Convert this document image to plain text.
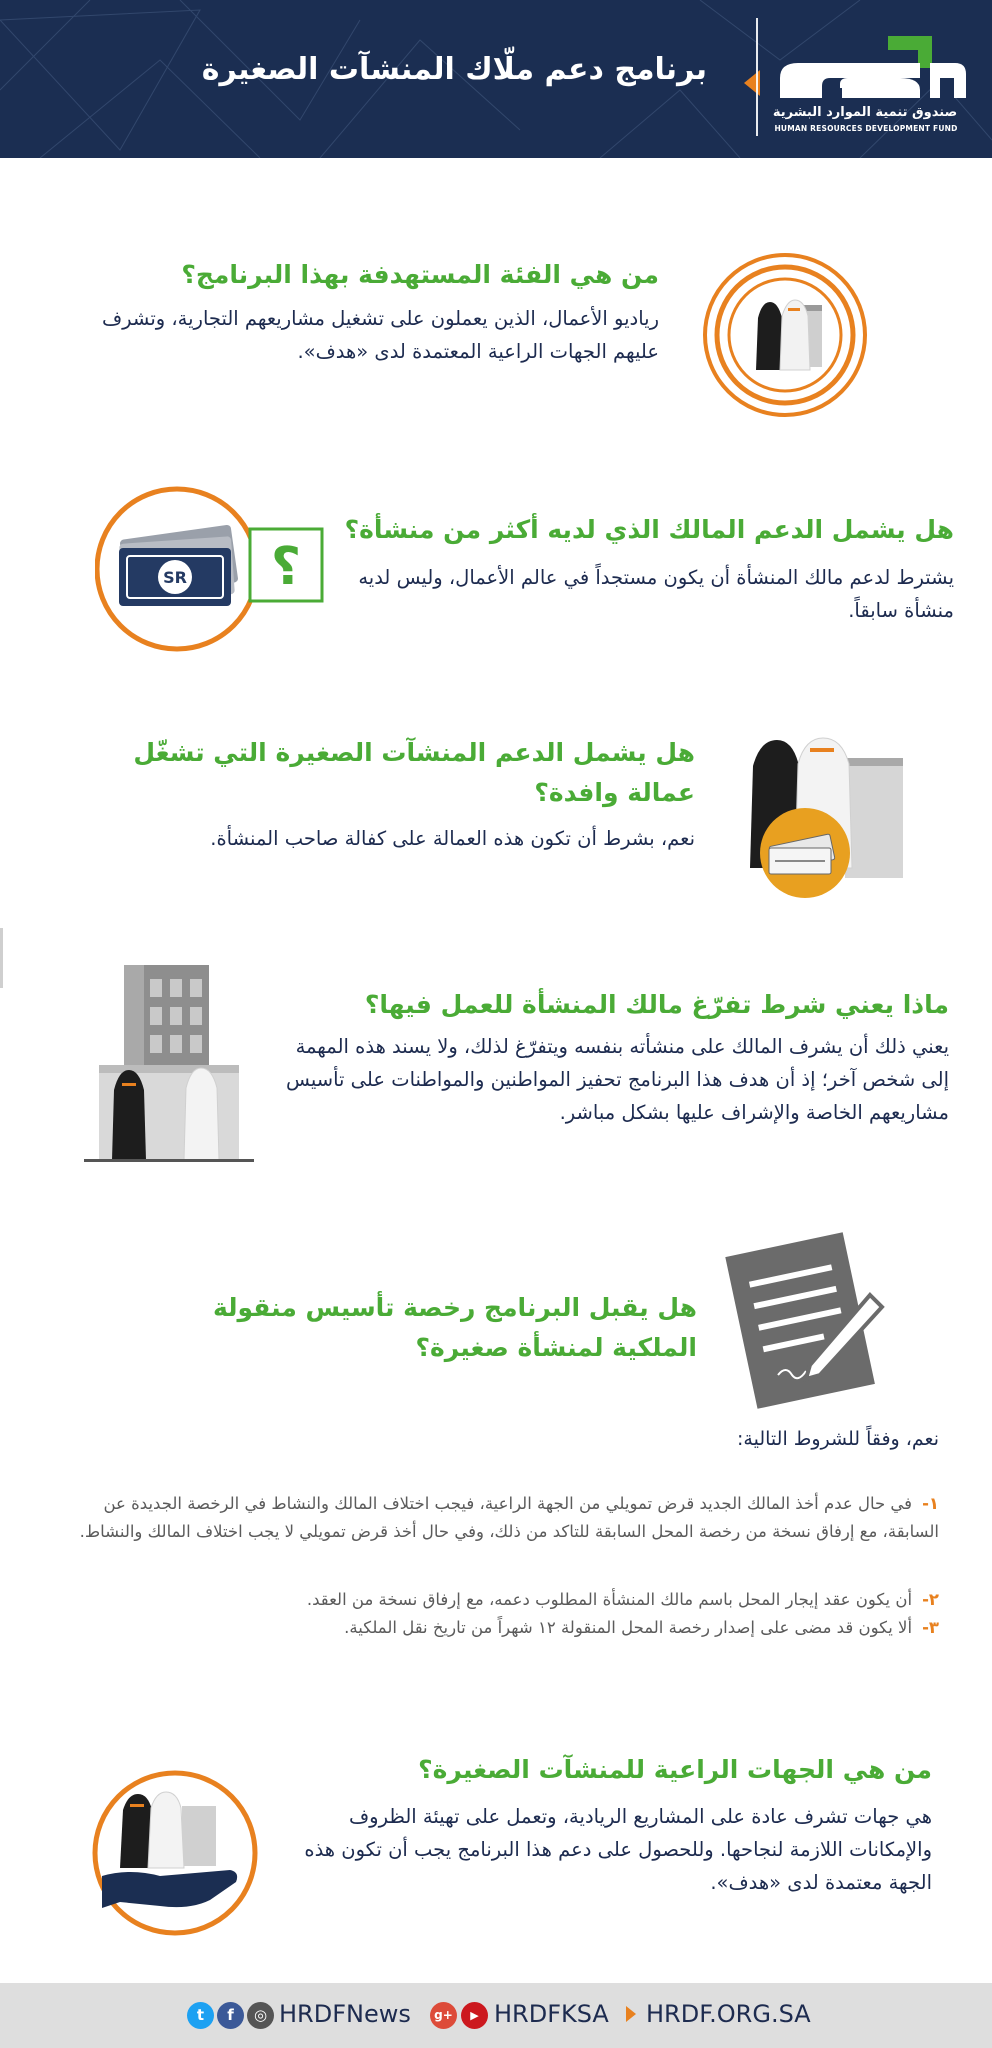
برنامج دعم ملّاك المنشآت الصغيرة
صندوق تنمية الموارد البشرية
HUMAN RESOURCES DEVELOPMENT FUND
من هي الفئة المستهدفة بهذا البرنامج؟
رياديو الأعمال، الذين يعملون على تشغيل مشاريعهم التجارية، وتشرف عليهم الجهات الراعية المعتمدة لدى «هدف».
هل يشمل الدعم المالك الذي لديه أكثر من منشأة؟
يشترط لدعم مالك المنشأة أن يكون مستجداً في عالم الأعمال، وليس لديه منشأة سابقاً.
SR ؟
هل يشمل الدعم المنشآت الصغيرة التي تشغّل عمالة وافدة؟
نعم، بشرط أن تكون هذه العمالة على كفالة صاحب المنشأة.
ماذا يعني شرط تفرّغ مالك المنشأة للعمل فيها؟
يعني ذلك أن يشرف المالك على منشأته بنفسه ويتفرّغ لذلك، ولا يسند هذه المهمة إلى شخص آخر؛ إذ أن هدف هذا البرنامج تحفيز المواطنين والمواطنات على تأسيس مشاريعهم الخاصة والإشراف عليها بشكل مباشر.
هل يقبل البرنامج رخصة تأسيس منقولة الملكية لمنشأة صغيرة؟
نعم، وفقاً للشروط التالية:
١-في حال عدم أخذ المالك الجديد قرض تمويلي من الجهة الراعية، فيجب اختلاف المالك والنشاط في الرخصة الجديدة عن السابقة، مع إرفاق نسخة من رخصة المحل السابقة للتاكد من ذلك، وفي حال أخذ قرض تمويلي لا يجب اختلاف المالك والنشاط.
٢-أن يكون عقد إيجار المحل باسم مالك المنشأة المطلوب دعمه، مع إرفاق نسخة من العقد.
٣-ألا يكون قد مضى على إصدار رخصة المحل المنقولة ١٢ شهراً من تاريخ نقل الملكية.
من هي الجهات الراعية للمنشآت الصغيرة؟
هي جهات تشرف عادة على المشاريع الريادية، وتعمل على تهيئة الظروف والإمكانات اللازمة لنجاحها. وللحصول على دعم هذا البرنامج يجب أن تكون هذه الجهة معتمدة لدى «هدف».
t	f	◎ HRDFNews	g+	▶ HRDFKSA HRDF.ORG.SA
